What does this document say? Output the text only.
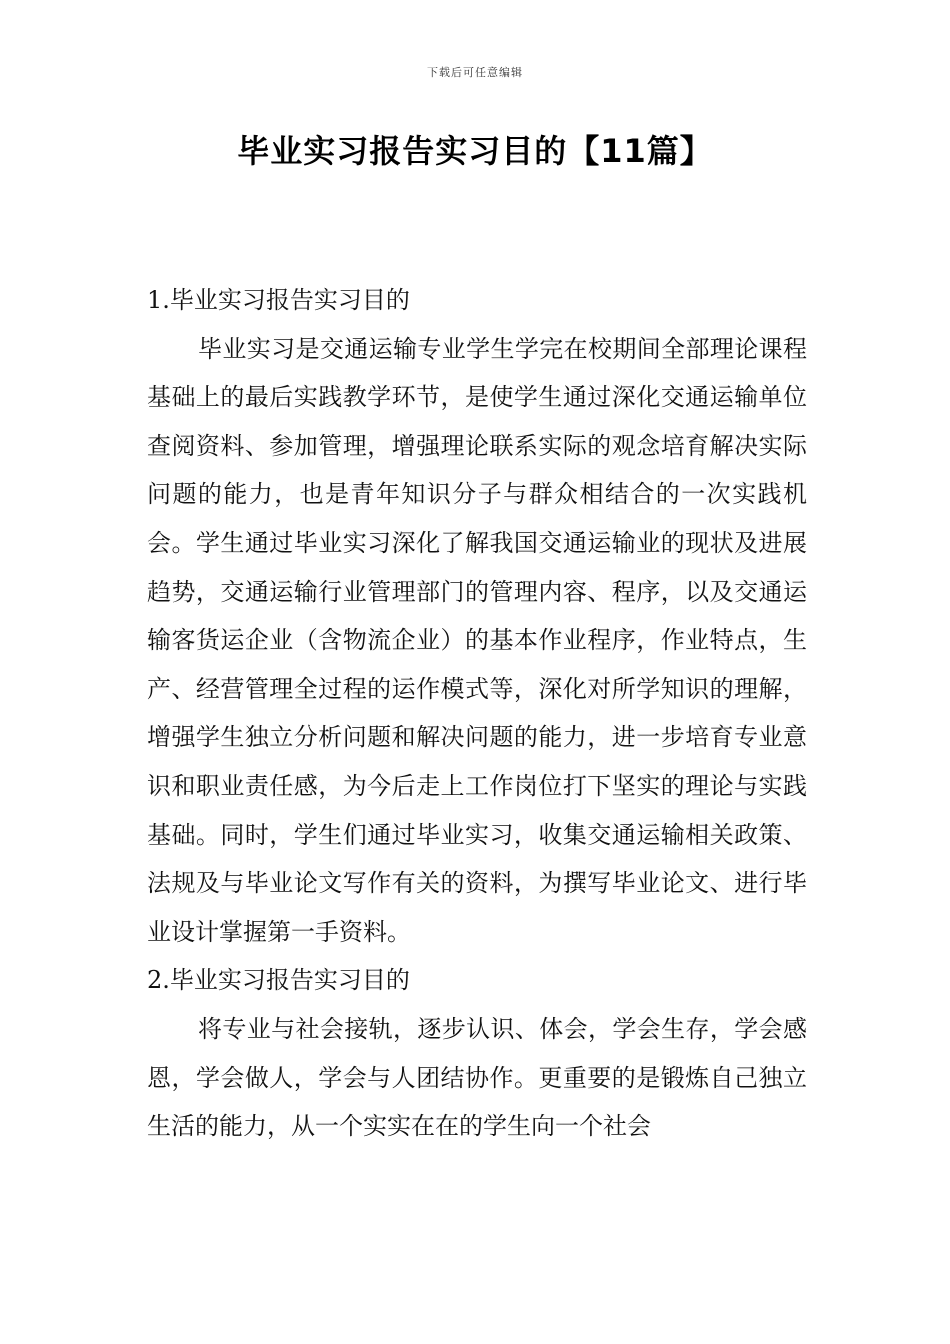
下载后可任意编辑
毕业实习报告实习目的【11篇】

1.毕业实习报告实习目的

毕业实习是交通运输专业学生学完在校期间全部理论课程基础上的最后实践教学环节，是使学生通过深化交通运输单位查阅资料、参加管理，增强理论联系实际的观念培育解决实际问题的能力，也是青年知识分子与群众相结合的一次实践机会。学生通过毕业实习深化了解我国交通运输业的现状及进展趋势，交通运输行业管理部门的管理内容、程序，以及交通运输客货运企业（含物流企业）的基本作业程序，作业特点，生产、经营管理全过程的运作模式等，深化对所学知识的理解，增强学生独立分析问题和解决问题的能力，进一步培育专业意识和职业责任感，为今后走上工作岗位打下坚实的理论与实践基础。同时，学生们通过毕业实习，收集交通运输相关政策、法规及与毕业论文写作有关的资料，为撰写毕业论文、进行毕业设计掌握第一手资料。

2.毕业实习报告实习目的

将专业与社会接轨，逐步认识、体会，学会生存，学会感恩，学会做人，学会与人团结协作。更重要的是锻炼自己独立生活的能力，从一个实实在在的学生向一个社会
